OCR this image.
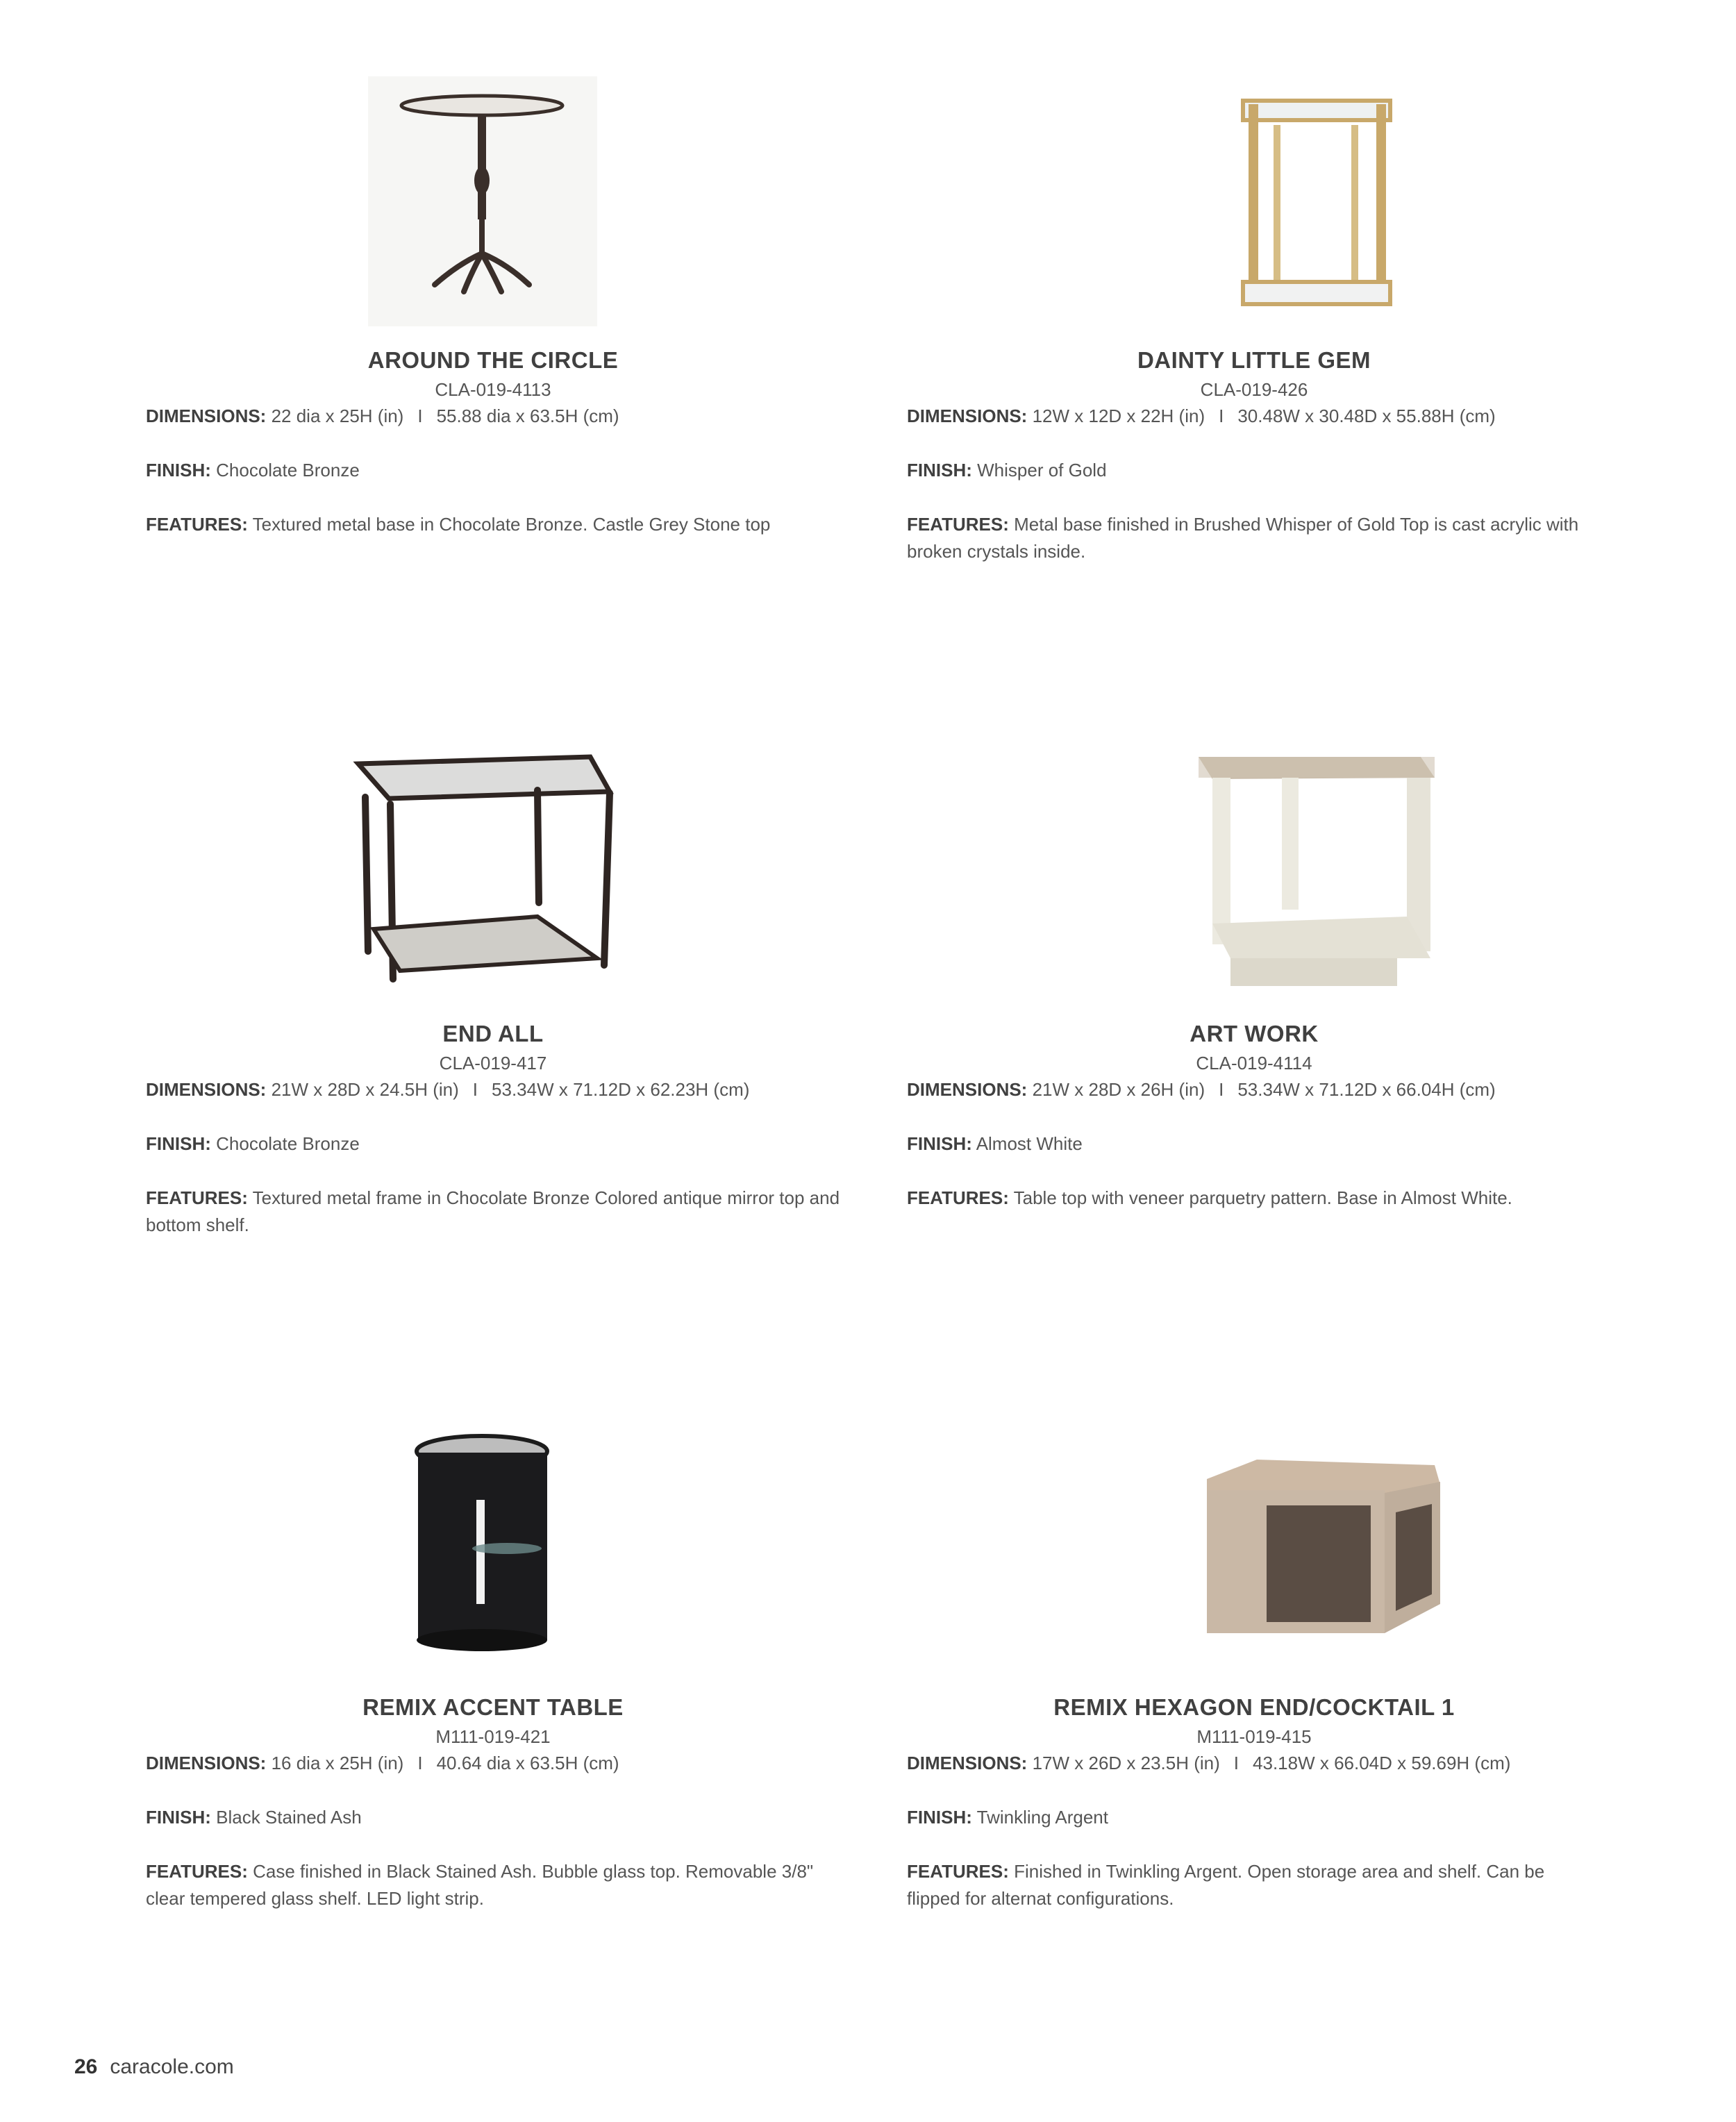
AROUND THE CIRCLE
CLA-019-4113
DIMENSIONS: 22 dia x 25H (in) I 55.88 dia x 63.5H (cm)
FINISH: Chocolate Bronze
FEATURES: Textured metal base in Chocolate Bronze. Castle Grey Stone top
DAINTY LITTLE GEM
CLA-019-426
DIMENSIONS: 12W x 12D x 22H (in) I 30.48W x 30.48D x 55.88H (cm)
FINISH: Whisper of Gold
FEATURES: Metal base finished in Brushed Whisper of Gold Top is cast acrylic with broken crystals inside.
END ALL
CLA-019-417
DIMENSIONS: 21W x 28D x 24.5H (in) I 53.34W x 71.12D x 62.23H (cm)
FINISH: Chocolate Bronze
FEATURES: Textured metal frame in Chocolate Bronze Colored antique mirror top and bottom shelf.
ART WORK
CLA-019-4114
DIMENSIONS: 21W x 28D x 26H (in) I 53.34W x 71.12D x 66.04H (cm)
FINISH: Almost White
FEATURES: Table top with veneer parquetry pattern. Base in Almost White.
REMIX ACCENT TABLE
M111-019-421
DIMENSIONS: 16 dia x 25H (in) I 40.64 dia x 63.5H (cm)
FINISH: Black Stained Ash
FEATURES: Case finished in Black Stained Ash. Bubble glass top. Removable 3/8" clear tempered glass shelf. LED light strip.
REMIX HEXAGON END/COCKTAIL 1
M111-019-415
DIMENSIONS: 17W x 26D x 23.5H (in) I 43.18W x 66.04D x 59.69H (cm)
FINISH: Twinkling Argent
FEATURES: Finished in Twinkling Argent. Open storage area and shelf. Can be flipped for alternat configurations.
26 caracole.com
